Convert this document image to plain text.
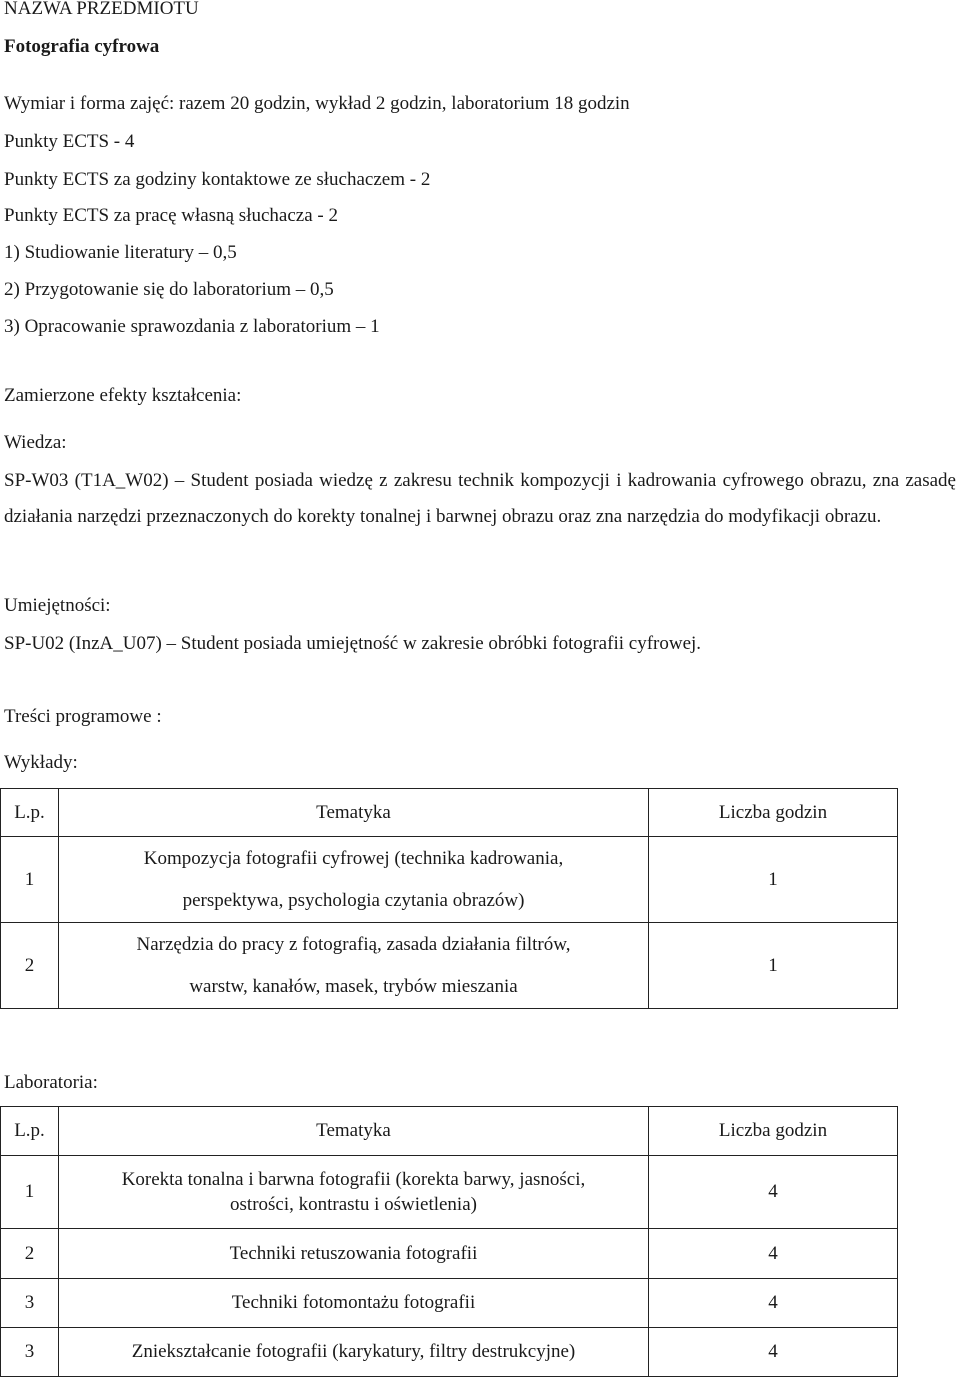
NAZWA PRZEDMIOTU
Fotografia cyfrowa
Wymiar i forma zajęć: razem 20 godzin, wykład 2 godzin, laboratorium 18 godzin
Punkty ECTS - 4
Punkty ECTS za godziny kontaktowe ze słuchaczem - 2
Punkty ECTS za pracę własną słuchacza - 2
1) Studiowanie literatury – 0,5
2) Przygotowanie się do laboratorium – 0,5
3) Opracowanie sprawozdania z laboratorium – 1
Zamierzone efekty kształcenia:
Wiedza:
SP-W03 (T1A_W02) – Student posiada wiedzę z zakresu technik kompozycji i kadrowania cyfrowego obrazu, zna zasadę działania narzędzi przeznaczonych do korekty tonalnej i barwnej obrazu oraz zna narzędzia do modyfikacji obrazu.
Umiejętności:
SP-U02 (InzA_U07) – Student posiada umiejętność w zakresie obróbki fotografii cyfrowej.
Treści programowe :
Wykłady:
L.p.	Tematyka	Liczba godzin
1	Kompozycja fotografii cyfrowej (technika kadrowania,
perspektywa, psychologia czytania obrazów)	1
2	Narzędzia do pracy z fotografią, zasada działania filtrów,
warstw, kanałów, masek, trybów mieszania	1
Laboratoria:
L.p.	Tematyka	Liczba godzin
1	Korekta tonalna i barwna fotografii (korekta barwy, jasności,
ostrości, kontrastu i oświetlenia)	4
2	Techniki retuszowania fotografii	4
3	Techniki fotomontażu fotografii	4
3	Zniekształcanie fotografii (karykatury, filtry destrukcyjne)	4
